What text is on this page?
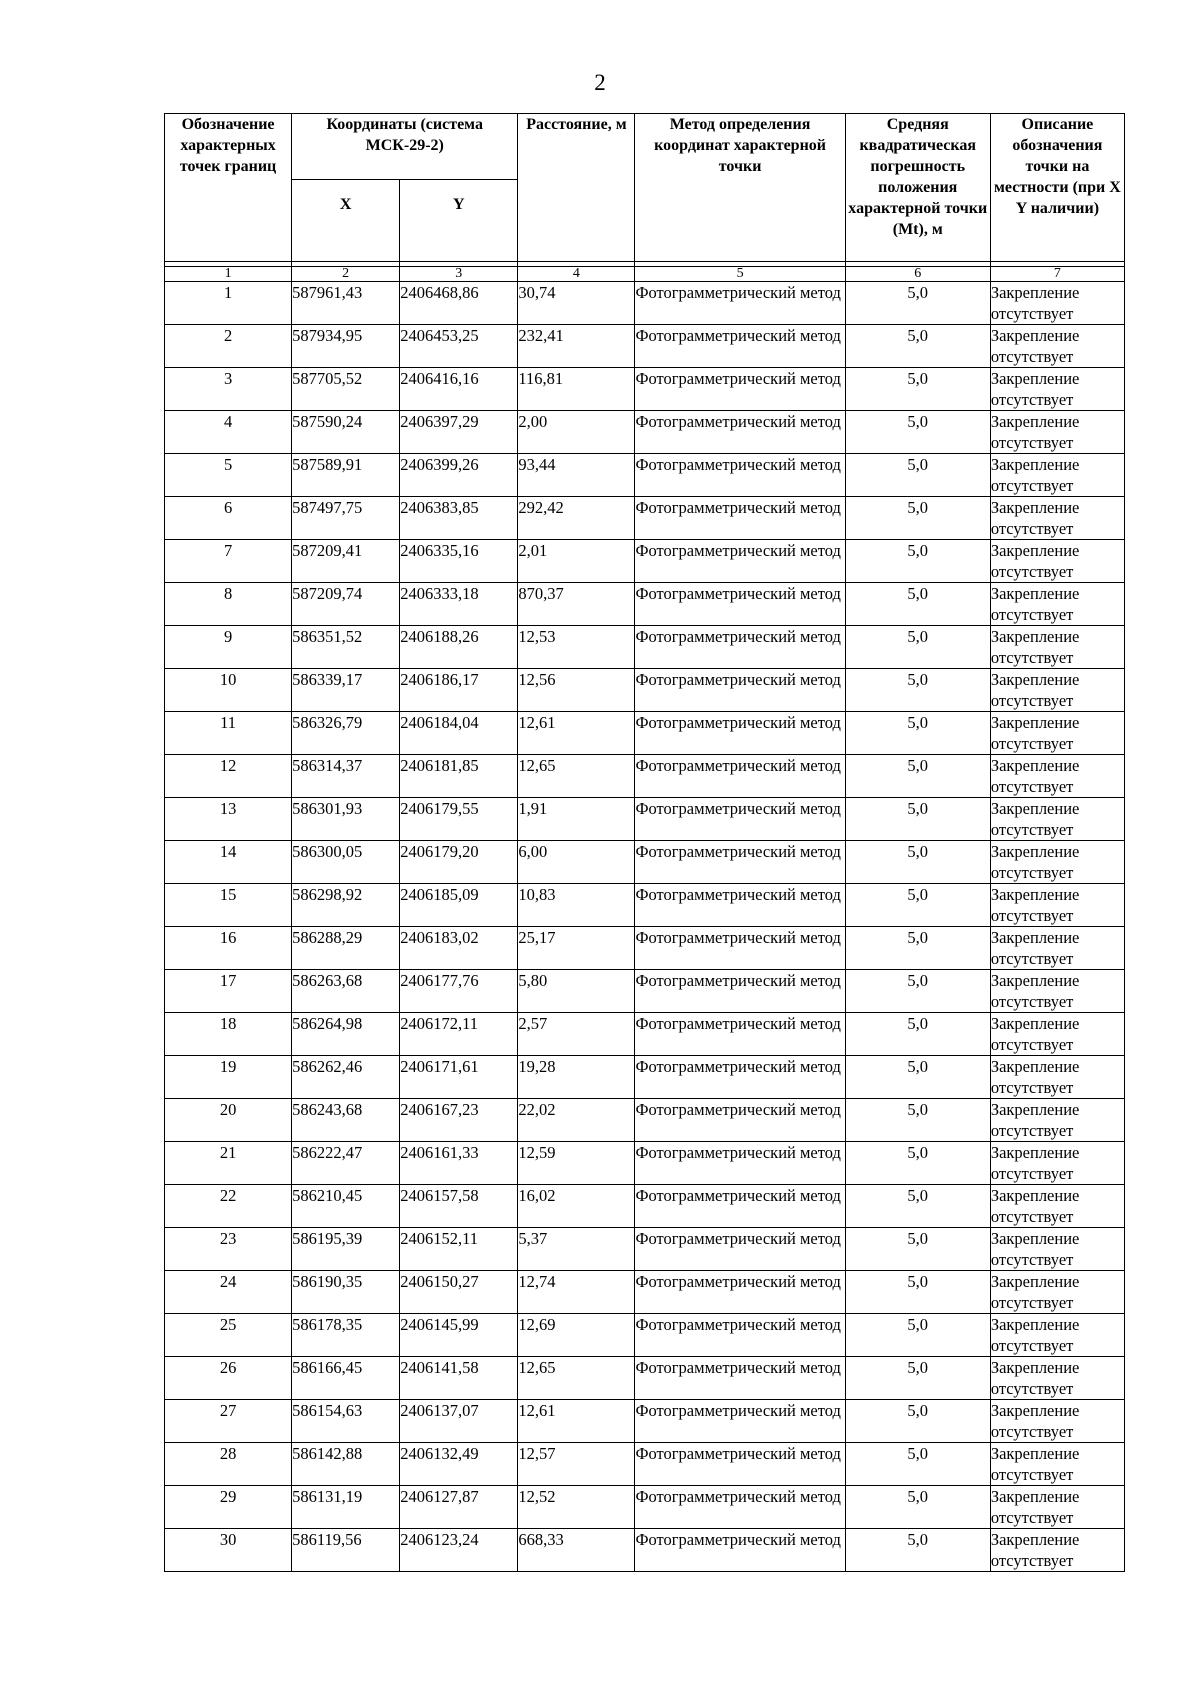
2
Обозначение характерных точек границ	Координаты (система МСК-29-2)		Расстояние, м	Метод определения координат характерной точки	Средняя квадратическая погрешность положения характерной точки (Mt), м	Описание обозначения точки на местности (при X Y наличии)
	X	Y				

1	2	3	4	5	6	7
1	587961,43	2406468,86	30,74	Фотограмметрический метод	5,0	Закрепление отсутствует
2	587934,95	2406453,25	232,41	Фотограмметрический метод	5,0	Закрепление отсутствует
3	587705,52	2406416,16	116,81	Фотограмметрический метод	5,0	Закрепление отсутствует
4	587590,24	2406397,29	2,00	Фотограмметрический метод	5,0	Закрепление отсутствует
5	587589,91	2406399,26	93,44	Фотограмметрический метод	5,0	Закрепление отсутствует
6	587497,75	2406383,85	292,42	Фотограмметрический метод	5,0	Закрепление отсутствует
7	587209,41	2406335,16	2,01	Фотограмметрический метод	5,0	Закрепление отсутствует
8	587209,74	2406333,18	870,37	Фотограмметрический метод	5,0	Закрепление отсутствует
9	586351,52	2406188,26	12,53	Фотограмметрический метод	5,0	Закрепление отсутствует
10	586339,17	2406186,17	12,56	Фотограмметрический метод	5,0	Закрепление отсутствует
11	586326,79	2406184,04	12,61	Фотограмметрический метод	5,0	Закрепление отсутствует
12	586314,37	2406181,85	12,65	Фотограмметрический метод	5,0	Закрепление отсутствует
13	586301,93	2406179,55	1,91	Фотограмметрический метод	5,0	Закрепление отсутствует
14	586300,05	2406179,20	6,00	Фотограмметрический метод	5,0	Закрепление отсутствует
15	586298,92	2406185,09	10,83	Фотограмметрический метод	5,0	Закрепление отсутствует
16	586288,29	2406183,02	25,17	Фотограмметрический метод	5,0	Закрепление отсутствует
17	586263,68	2406177,76	5,80	Фотограмметрический метод	5,0	Закрепление отсутствует
18	586264,98	2406172,11	2,57	Фотограмметрический метод	5,0	Закрепление отсутствует
19	586262,46	2406171,61	19,28	Фотограмметрический метод	5,0	Закрепление отсутствует
20	586243,68	2406167,23	22,02	Фотограмметрический метод	5,0	Закрепление отсутствует
21	586222,47	2406161,33	12,59	Фотограмметрический метод	5,0	Закрепление отсутствует
22	586210,45	2406157,58	16,02	Фотограмметрический метод	5,0	Закрепление отсутствует
23	586195,39	2406152,11	5,37	Фотограмметрический метод	5,0	Закрепление отсутствует
24	586190,35	2406150,27	12,74	Фотограмметрический метод	5,0	Закрепление отсутствует
25	586178,35	2406145,99	12,69	Фотограмметрический метод	5,0	Закрепление отсутствует
26	586166,45	2406141,58	12,65	Фотограмметрический метод	5,0	Закрепление отсутствует
27	586154,63	2406137,07	12,61	Фотограмметрический метод	5,0	Закрепление отсутствует
28	586142,88	2406132,49	12,57	Фотограмметрический метод	5,0	Закрепление отсутствует
29	586131,19	2406127,87	12,52	Фотограмметрический метод	5,0	Закрепление отсутствует
30	586119,56	2406123,24	668,33	Фотограмметрический метод	5,0	Закрепление отсутствует
